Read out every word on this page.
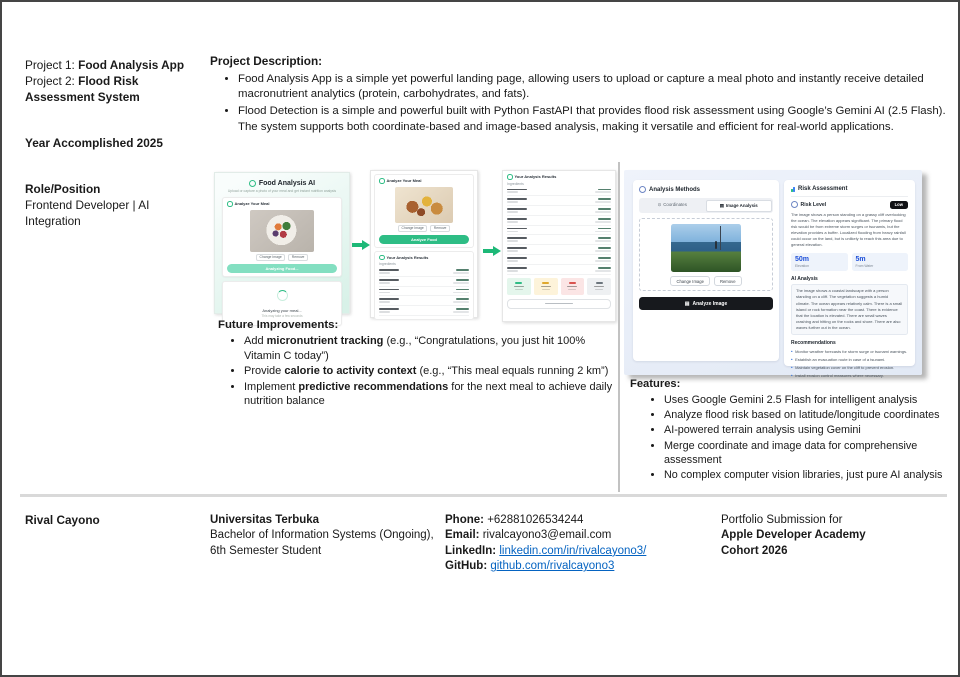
Project 1: Food Analysis App
Project 2: Flood Risk Assessment System

Year Accomplished 2025
Role/Position
Frontend Developer | AI Integration
Project Description:
• Food Analysis App is a simple yet powerful landing page, allowing users to upload or capture a meal photo and instantly receive detailed macronutrient analytics (protein, carbohydrates, and fats).
• Flood Detection is a simple and powerful built with Python FastAPI that provides flood risk assessment using Google’s Gemini AI (2.5 Flash). The system supports both coordinate-based and image-based analysis, making it versatile and efficient for real-world applications.
Food Analysis AI
Upload or capture a photo of your meal and get instant nutrition analysis
Analyze Your Meal
Change Image	Remove
Analyzing Food...
Analyzing your meal...
This may take a few seconds
Analyze Your Meal
Change Image	Remove
Analyze Food
Your Analysis Results
Ingredients
Your Analysis Results
Ingredients
Future Improvements:
• Add micronutrient tracking (e.g., “Congratulations, you just hit 100% Vitamin C today”)
• Provide calorie to activity context (e.g., “This meal equals running 2 km”)
• Implement predictive recommendations for the next meal to achieve daily nutrition balance
Analysis Methods
⊙ Coordinates	▤ Image Analysis
Change Image	Remove
▤ Analyze Image
Risk Assessment
Risk Level	Low
The image shows a person standing on a grassy cliff overlooking the ocean. The elevation appears significant. The primary flood risk would be from extreme storm surges or tsunamis, but the elevation provides a buffer. Localized flooding from heavy rainfall could occur on the land, but is unlikely to reach this area due to general elevation.
50m
Elevation
5m
From Water
AI Analysis
The image shows a coastal landscape with a person standing on a cliff. The vegetation suggests a humid climate. The ocean appears relatively calm. There is a small island or rock formation near the coast. There is evidence that the location is elevated. There are small waves crashing and hitting on the rocks and shore. There are also waves further out in the ocean.
Recommendations
• Monitor weather forecasts for storm surge or tsunami warnings.
• Establish an evacuation route in case of a tsunami.
• Maintain vegetation cover on the cliff to prevent erosion.
• Install erosion control measures where necessary.
Features:
• Uses Google Gemini 2.5 Flash for intelligent analysis
• Analyze flood risk based on latitude/longitude coordinates
• AI-powered terrain analysis using Gemini
• Merge coordinate and image data for comprehensive assessment
• No complex computer vision libraries, just pure AI analysis
Rival Cayono	Universitas Terbuka
Bachelor of Information Systems (Ongoing),
6th Semester Student
Phone: +62881026534244
Email: rivalcayono3@email.com
LinkedIn: linkedin.com/in/rivalcayono3/
GitHub: github.com/rivalcayono3
Portfolio Submission for
Apple Developer Academy
Cohort 2026
